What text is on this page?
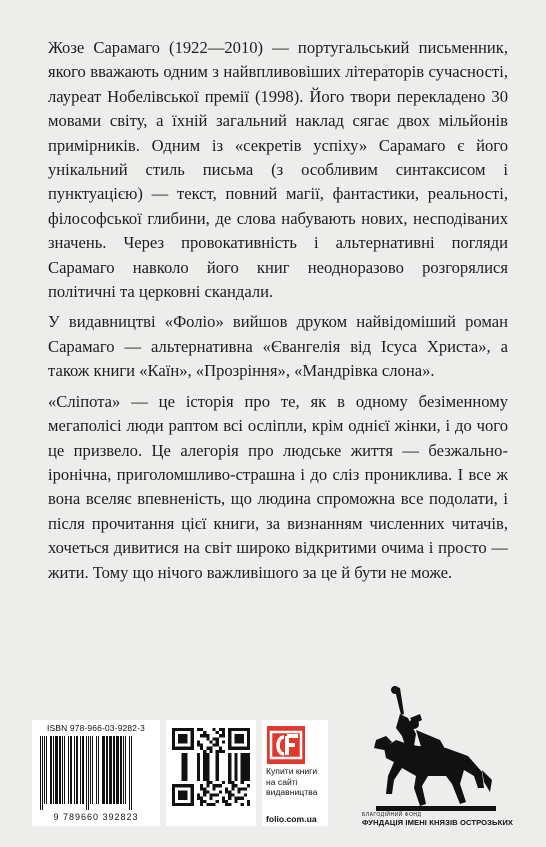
Жозе Сарамаго (1922—2010) — португальський письменник, якого вважають одним з найвпливовіших літераторів сучасності, лауреат Нобелівської премії (1998). Його твори перекладено 30 мовами світу, а їхній загальний наклад сягає двох мільйонів примірників. Одним із «секретів успіху» Сарамаго є його унікальний стиль письма (з особливим синтаксисом і пунктуацією) — текст, повний магії, фантастики, реальності, філософської глибини, де слова набувають нових, несподіваних значень. Через провокативність і альтернативні погляди Сарамаго навколо його книг неодноразово розгорялися політичні та церковні скандали.

У видавництві «Фоліо» вийшов друком найвідоміший роман Сарамаго — альтернативна «Євангелія від Ісуса Христа», а також книги «Каїн», «Прозріння», «Мандрівка слона».

«Сліпота» — це історія про те, як в одному безіменному мегаполісі люди раптом всі осліпли, крім однієї жінки, і до чого це призвело. Це алегорія про людське життя — безжально-іронічна, приголомшливо-страшна і до сліз прониклива. І все ж вона вселяє впевненість, що людина спроможна все подолати, і після прочитання цієї книги, за визнанням численних читачів, хочеться дивитися на світ широко відкритими очима і просто — жити. Тому що нічого важливішого за це й бути не може.

ISBN 978-966-03-9282-3
9 789660 392823
Купити книги на сайті видавництва
folio.com.ua	БЛАГОДІЙНИЙ ФОНД
ФУНДАЦІЯ ІМЕНІ КНЯЗІВ ОСТРОЗЬКИХ
